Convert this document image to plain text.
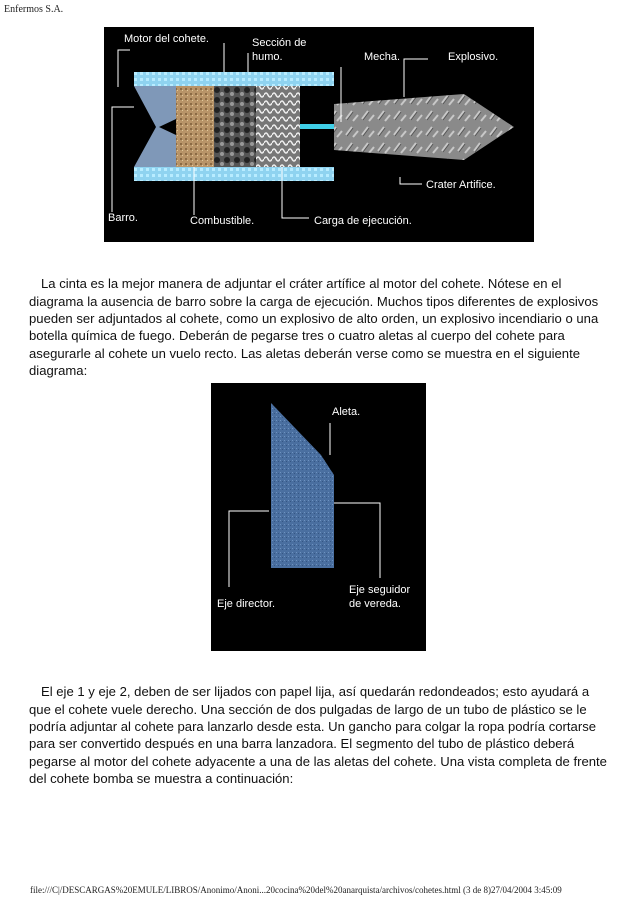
Enfermos S.A.
Motor del cohete.	Sección de
humo.	Mecha.	Explosivo.
Crater Artifice.
Barro.	Combustible.	Carga de ejecución.

La cinta es la mejor manera de adjuntar el cráter artífice al motor del cohete. Nótese en el diagrama la ausencia de barro sobre la carga de ejecución. Muchos tipos diferentes de explosivos pueden ser adjuntados al cohete, como un explosivo de alto orden, un explosivo incendiario o una botella química de fuego. Deberán de pegarse tres o cuatro aletas al cuerpo del cohete para asegurarle al cohete un vuelo recto. Las aletas deberán verse como se muestra en el siguiente diagrama:

Aleta.
Eje director.
Eje seguidor
de vereda.

El eje 1 y eje 2, deben de ser lijados con papel lija, así quedarán redondeados; esto ayudará a que el cohete vuele derecho. Una sección de dos pulgadas de largo de un tubo de plástico se le podría adjuntar al cohete para lanzarlo desde esta. Un gancho para colgar la ropa podría cortarse para ser convertido después en una barra lanzadora. El segmento del tubo de plástico deberá pegarse al motor del cohete adyacente a una de las aletas del cohete. Una vista completa de frente del cohete bomba se muestra a continuación:

file:///C|/DESCARGAS%20EMULE/LIBROS/Anonimo/Anoni...20cocina%20del%20anarquista/archivos/cohetes.html (3 de 8)27/04/2004 3:45:09
